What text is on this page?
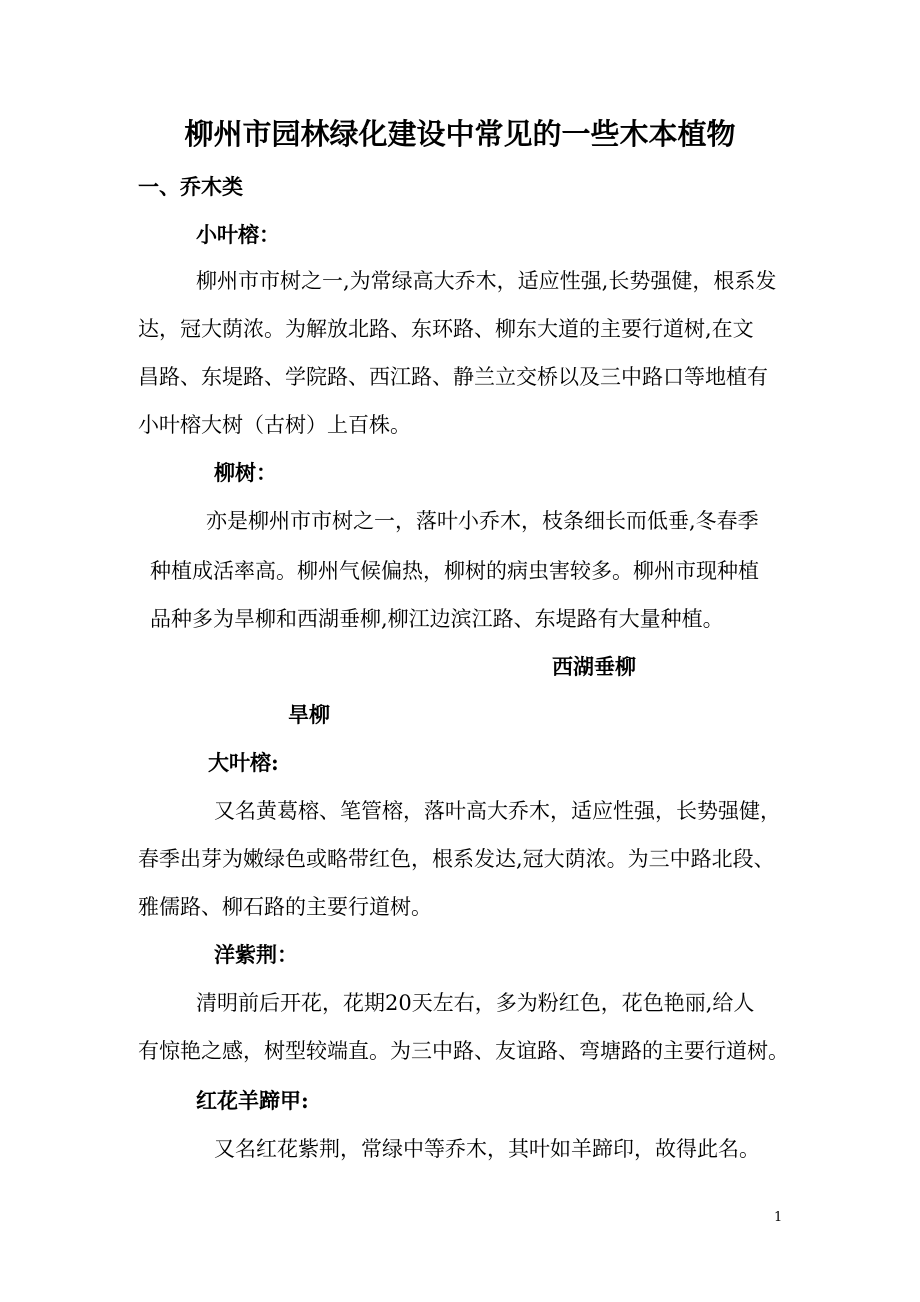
柳州市园林绿化建设中常见的一些木本植物
一、乔木类
小叶榕：
柳州市市树之一,为常绿高大乔木，适应性强,长势强健，根系发
达，冠大荫浓。为解放北路、东环路、柳东大道的主要行道树,在文
昌路、东堤路、学院路、西江路、静兰立交桥以及三中路口等地植有
小叶榕大树（古树）上百株。
柳树：
亦是柳州市市树之一，落叶小乔木，枝条细长而低垂,冬春季
种植成活率高。柳州气候偏热，柳树的病虫害较多。柳州市现种植
品种多为旱柳和西湖垂柳,柳江边滨江路、东堤路有大量种植。
西湖垂柳
旱柳
大叶榕:
又名黄葛榕、笔管榕，落叶高大乔木，适应性强，长势强健，
春季出芽为嫩绿色或略带红色，根系发达,冠大荫浓。为三中路北段、
雅儒路、柳石路的主要行道树。
洋紫荆：
清明前后开花，花期20天左右，多为粉红色，花色艳丽,给人
有惊艳之感，树型较端直。为三中路、友谊路、弯塘路的主要行道树。
红花羊蹄甲:
又名红花紫荆，常绿中等乔木，其叶如羊蹄印，故得此名。
1
